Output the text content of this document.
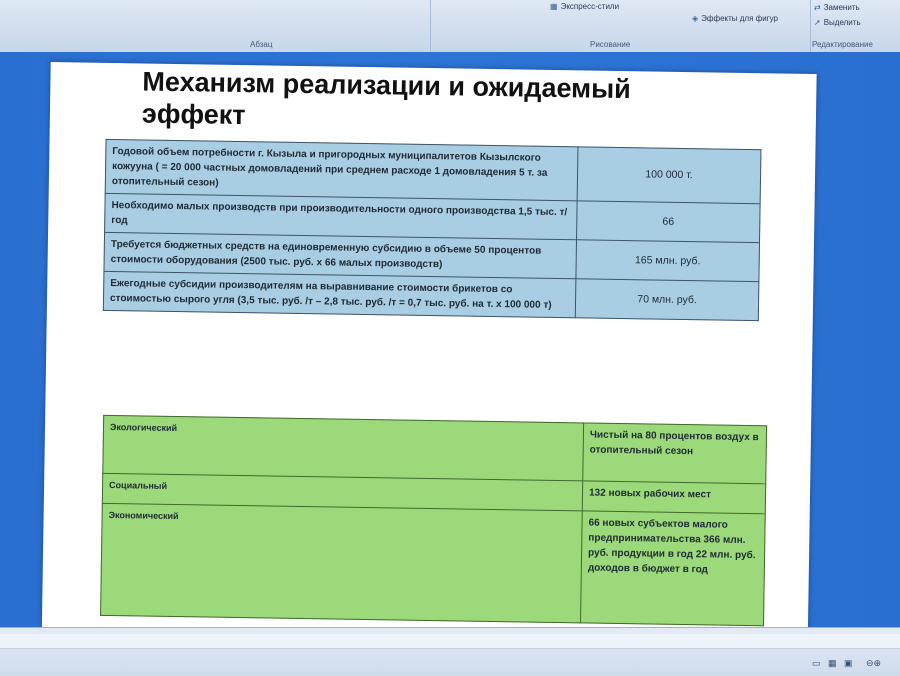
Абзац
▦ Экспресс-стили
◈ Эффекты для фигур
Рисование
⇄ Заменить
➚ Выделить
Редактирование
Механизм реализации и ожидаемый эффект
Годовой объем потребности г. Кызыла и пригородных муниципалитетов Кызылского кожууна ( = 20 000 частных домовладений при среднем расходе 1 домовладения 5 т. за отопительный сезон)	100 000 т.
Необходимо малых производств при производительности одного производства 1,5 тыс. т/год	66
Требуется бюджетных средств на единовременную субсидию в объеме 50 процентов стоимости оборудования (2500 тыс. руб. х 66 малых производств)	165 млн. руб.
Ежегодные субсидии производителям на выравнивание стоимости брикетов со стоимостью сырого угля (3,5 тыс. руб. /т – 2,8 тыс. руб. /т = 0,7 тыс. руб. на т. х 100 000 т)	70 млн. руб.
Экологический	Чистый на 80 процентов воздух в отопительный сезон
Социальный	132 новых рабочих мест
Экономический	66 новых субъектов малого предпринимательства 366 млн. руб. продукции в год 22 млн. руб. доходов в бюджет в год
▭ ▦ ▣ ⊖⊕
